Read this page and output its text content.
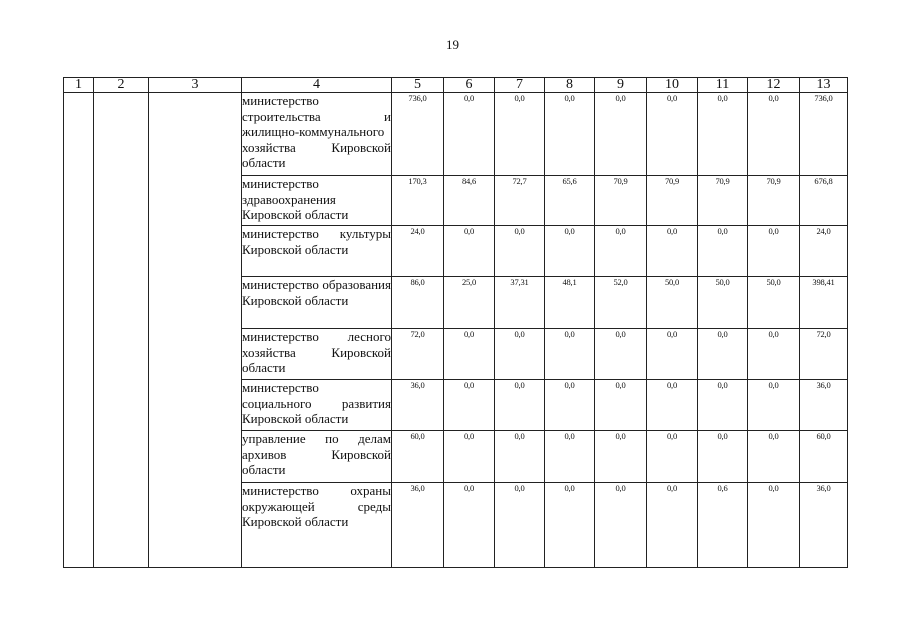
19
1	2	3	4	5	6	7	8	9	10	11	12	13
			министерство строительства и жилищно-коммунального хозяйства Кировской области	736,0	0,0	0,0	0,0	0,0	0,0	0,0	0,0	736,0
			министерство здравоохранения Кировской области	170,3	84,6	72,7	65,6	70,9	70,9	70,9	70,9	676,8
			министерство культуры Кировской области	24,0	0,0	0,0	0,0	0,0	0,0	0,0	0,0	24,0
			министерство образования Кировской области	86,0	25,0	37,31	48,1	52,0	50,0	50,0	50,0	398,41
			министерство лесного хозяйства Кировской области	72,0	0,0	0,0	0,0	0,0	0,0	0,0	0,0	72,0
			министерство социального развития Кировской области	36,0	0,0	0,0	0,0	0,0	0,0	0,0	0,0	36,0
			управление по делам архивов Кировской области	60,0	0,0	0,0	0,0	0,0	0,0	0,0	0,0	60,0
			министерство охраны окружающей среды Кировской области	36,0	0,0	0,0	0,0	0,0	0,0	0,6	0,0	36,0
